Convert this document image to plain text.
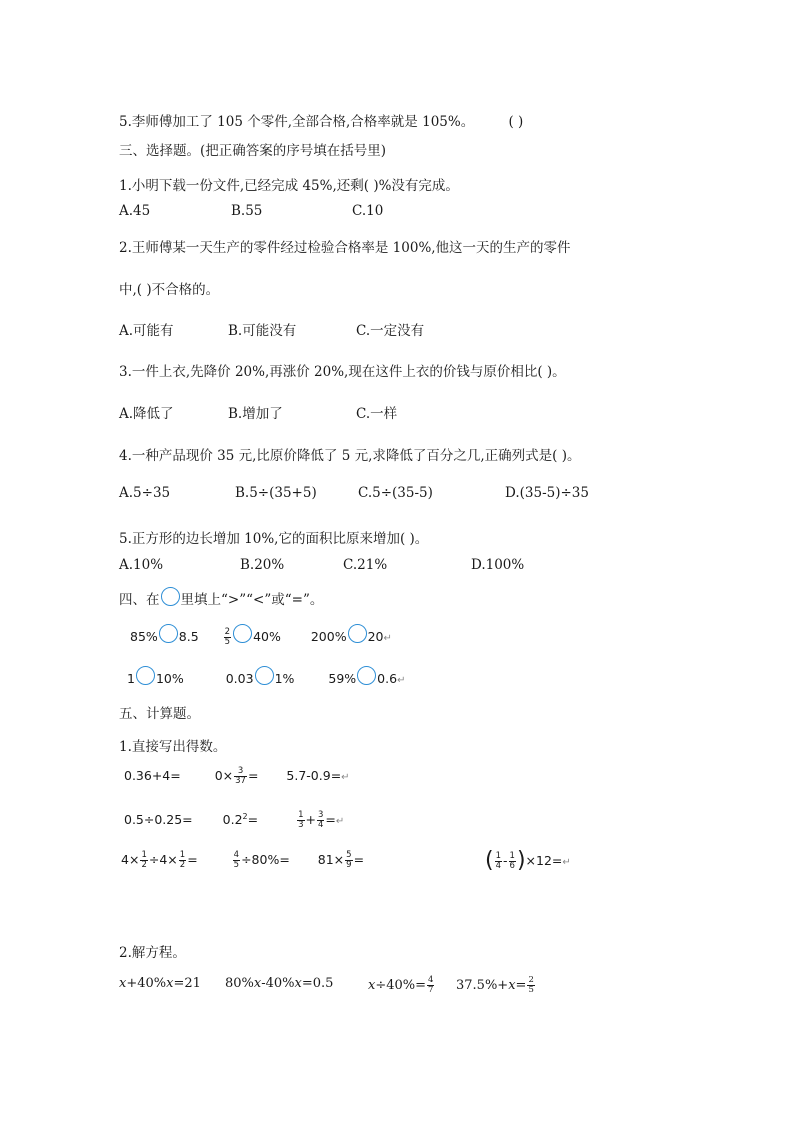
5.李师傅加工了 105 个零件,全部合格,合格率就是 105%。	( )
三、选择题。(把正确答案的序号填在括号里)
1.小明下载一份文件,已经完成 45%,还剩( )%没有完成。
A.45	B.55	C.10
2.王师傅某一天生产的零件经过检验合格率是 100%,他这一天的生产的零件
中,( )不合格的。
A.可能有	B.可能没有	C.一定没有
3.一件上衣,先降价 20%,再涨价 20%,现在这件上衣的价钱与原价相比( )。
A.降低了	B.增加了	C.一样
4.一种产品现价 35 元,比原价降低了 5 元,求降低了百分之几,正确列式是( )。
A.5÷35	B.5÷(35+5)	C.5÷(35-5)	D.(35-5)÷35
5.正方形的边长增加 10%,它的面积比原来增加( )。
A.10%	B.20%	C.21%	D.100%
四、在 里填上“>”“<”或“=”。
85% 8.5	$\frac{2}{5} 40\%$ 200% 20↵
1 10%	0.03 1%	59% 0.6↵
五、计算题。
1.直接写出得数。
0.36+4=	$0\times \frac{3}{37}$ = 5.7-0.9=↵
$0.5\div 0.25= 0.2^2=$	$\frac{1}{3} + \frac{3}{4}$ =↵
$4\times \frac{1}{2} \div 4\times \frac{1}{2}$ =	$\frac{4}{5} \div 80\%= 81\times \frac{5}{9}$ =	( $\frac{1}{4} - \frac{1}{6}$ )×12=↵
2.解方程。
x+40%x=21 80%x-40%x=0.5	$x\div 40\%= \frac{4}{7} 37.5\%+x= \frac{2}{5}$
